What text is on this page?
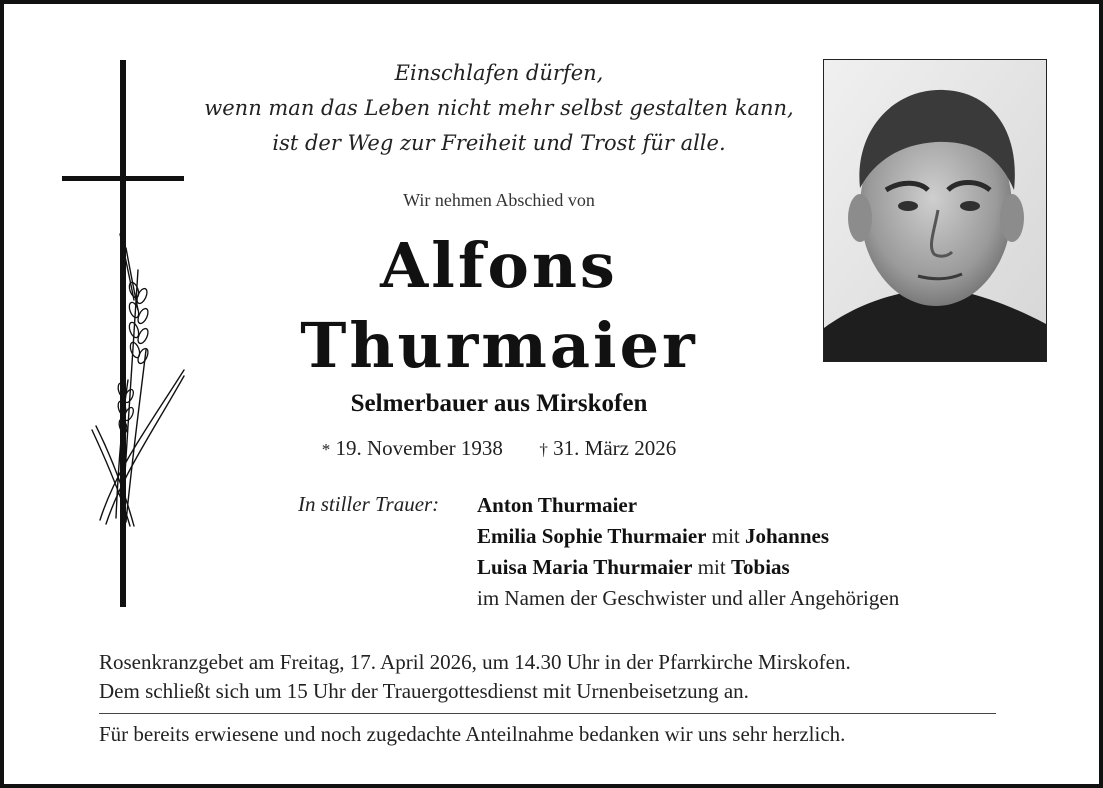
Einschlafen dürfen,
wenn man das Leben nicht mehr selbst gestalten kann,
ist der Weg zur Freiheit und Trost für alle.
Wir nehmen Abschied von
Alfons
Thurmaier
Selmerbauer aus Mirskofen
* 19. November 1938 † 31. März 2026
In stiller Trauer: Anton Thurmaier
Emilia Sophie Thurmaier mit Johannes
Luisa Maria Thurmaier mit Tobias
im Namen der Geschwister und aller Angehörigen
Rosenkranzgebet am Freitag, 17. April 2026, um 14.30 Uhr in der Pfarrkirche Mirskofen.
Dem schließt sich um 15 Uhr der Trauergottesdienst mit Urnenbeisetzung an.
Für bereits erwiesene und noch zugedachte Anteilnahme bedanken wir uns sehr herzlich.
